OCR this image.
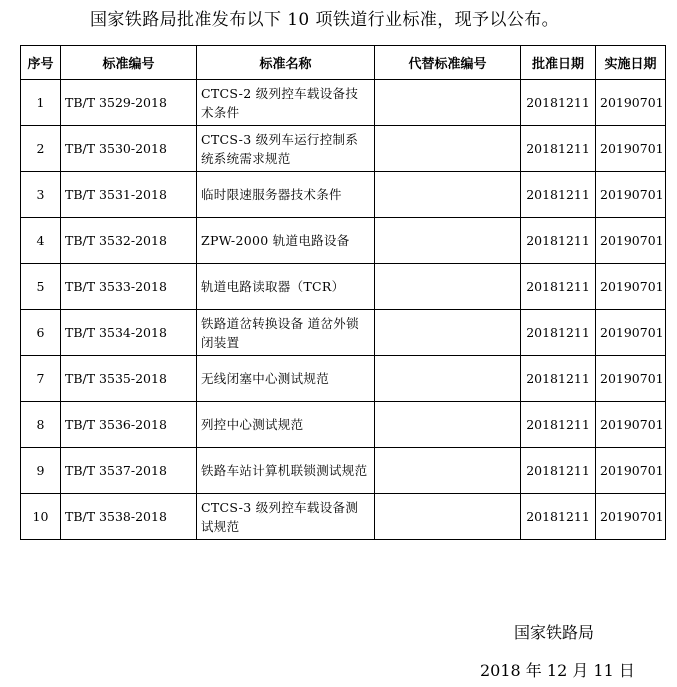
国家铁路局批准发布以下 10 项铁道行业标准，现予以公布。
序号	标准编号	标准名称	代替标准编号	批准日期	实施日期
1	TB/T 3529-2018	CTCS-2 级列控车载设备技术条件		20181211	20190701
2	TB/T 3530-2018	CTCS-3 级列车运行控制系统系统需求规范		20181211	20190701
3	TB/T 3531-2018	临时限速服务器技术条件		20181211	20190701
4	TB/T 3532-2018	ZPW-2000 轨道电路设备		20181211	20190701
5	TB/T 3533-2018	轨道电路读取器（TCR）		20181211	20190701
6	TB/T 3534-2018	铁路道岔转换设备 道岔外锁闭装置		20181211	20190701
7	TB/T 3535-2018	无线闭塞中心测试规范		20181211	20190701
8	TB/T 3536-2018	列控中心测试规范		20181211	20190701
9	TB/T 3537-2018	铁路车站计算机联锁测试规范		20181211	20190701
10	TB/T 3538-2018	CTCS-3 级列控车载设备测试规范		20181211	20190701
国家铁路局
2018 年 12 月 11 日
